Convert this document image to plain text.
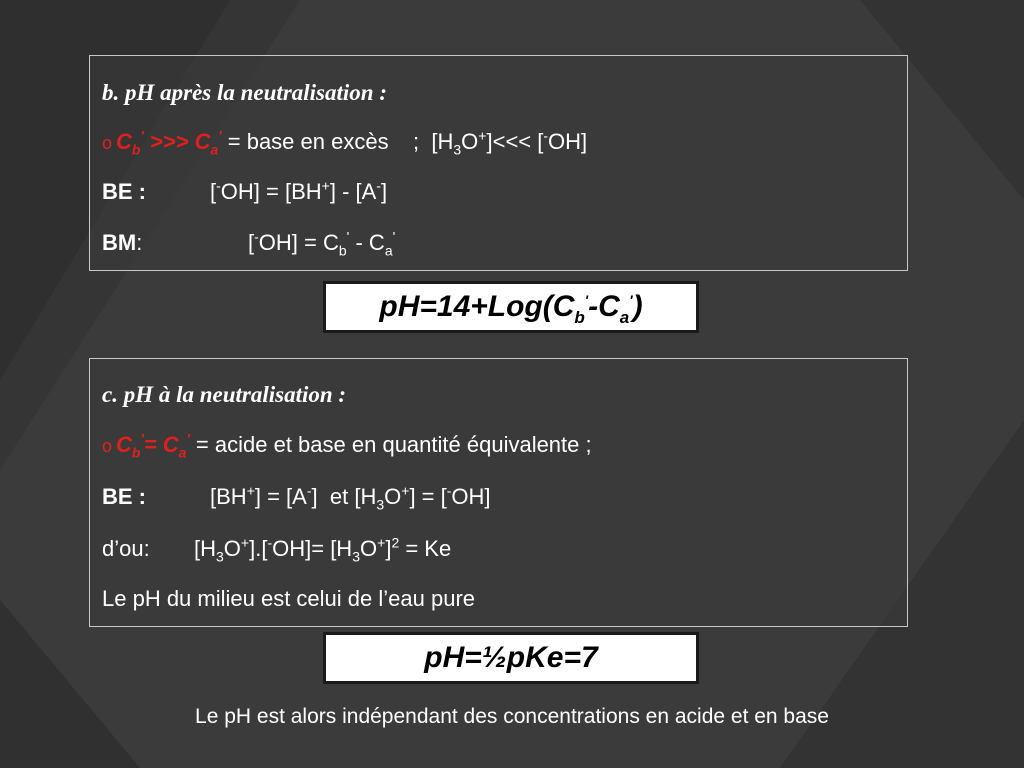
b. pH après la neutralisation :
o $C_b'$ >>> $C_a'$ = base en excès    ;  $[H_3O^+]<<< [^-OH]$
BE :	[-OH] = [BH+] - [A-]
BM:	$[^-OH] = C_b' - C_a'$
$pH=14+Log(C_b'-C_a')$
c. pH à la neutralisation :
o $C_b'= C_a'$ = acide et base en quantité équivalente ;
BE :	[BH+] = [A-]  et $[H_3O^+] = [^-OH]$
d’ou: $[H_3O^+].[^-OH]= [H_3O^+]^2 = Ke$
Le pH du milieu est celui de l’eau pure
pH=½pKe=7
Le pH est alors indépendant des concentrations en acide et en base
